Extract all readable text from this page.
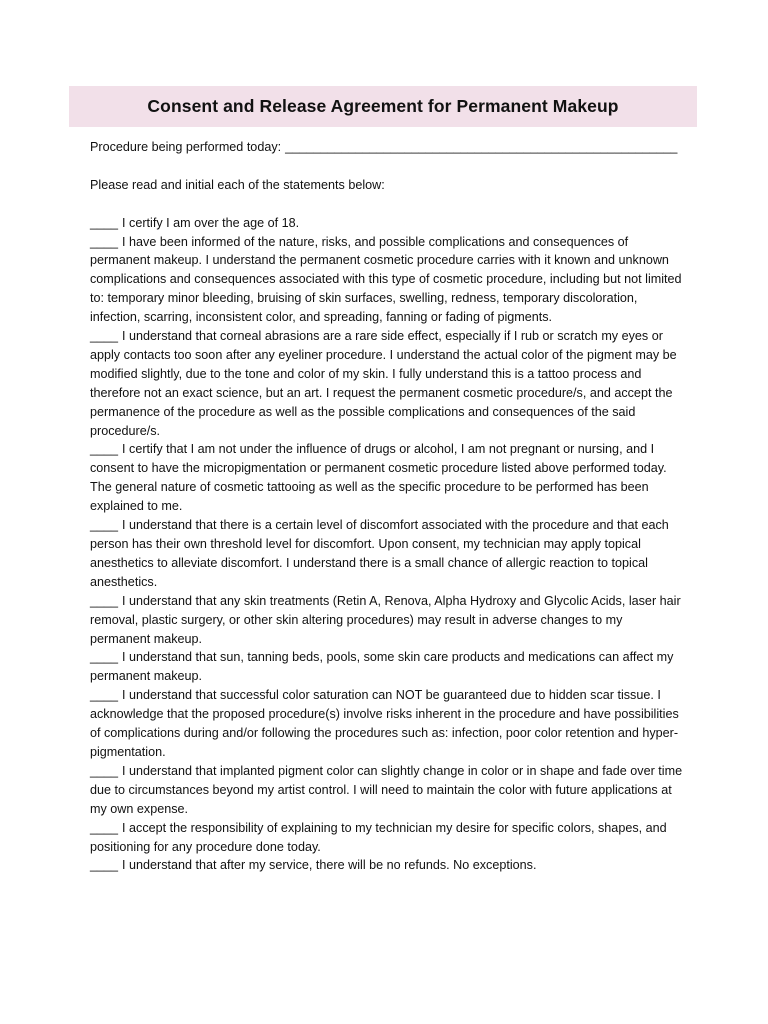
Consent and Release Agreement for Permanent Makeup

Procedure being performed today: ________________________________________________________

Please read and initial each of the statements below:

____ I certify I am over the age of 18.
____ I have been informed of the nature, risks, and possible complications and consequences of permanent makeup. I understand the permanent cosmetic procedure carries with it known and unknown complications and consequences associated with this type of cosmetic procedure, including but not limited to: temporary minor bleeding, bruising of skin surfaces, swelling, redness, temporary discoloration, infection, scarring, inconsistent color, and spreading, fanning or fading of pigments.
____ I understand that corneal abrasions are a rare side effect, especially if I rub or scratch my eyes or apply contacts too soon after any eyeliner procedure. I understand the actual color of the pigment may be modified slightly, due to the tone and color of my skin. I fully understand this is a tattoo process and therefore not an exact science, but an art. I request the permanent cosmetic procedure/s, and accept the permanence of the procedure as well as the possible complications and consequences of the said procedure/s.
____ I certify that I am not under the influence of drugs or alcohol, I am not pregnant or nursing, and I consent to have the micropigmentation or permanent cosmetic procedure listed above performed today. The general nature of cosmetic tattooing as well as the specific procedure to be performed has been explained to me.
____ I understand that there is a certain level of discomfort associated with the procedure and that each person has their own threshold level for discomfort. Upon consent, my technician may apply topical anesthetics to alleviate discomfort. I understand there is a small chance of allergic reaction to topical anesthetics.
____ I understand that any skin treatments (Retin A, Renova, Alpha Hydroxy and Glycolic Acids, laser hair removal, plastic surgery, or other skin altering procedures) may result in adverse changes to my permanent makeup.
____ I understand that sun, tanning beds, pools, some skin care products and medications can affect my permanent makeup.
____ I understand that successful color saturation can NOT be guaranteed due to hidden scar tissue. I acknowledge that the proposed procedure(s) involve risks inherent in the procedure and have possibilities of complications during and/or following the procedures such as: infection, poor color retention and hyper-pigmentation.
____ I understand that implanted pigment color can slightly change in color or in shape and fade over time due to circumstances beyond my artist control. I will need to maintain the color with future applications at my own expense.
____ I accept the responsibility of explaining to my technician my desire for specific colors, shapes, and positioning for any procedure done today.
____ I understand that after my service, there will be no refunds. No exceptions.
